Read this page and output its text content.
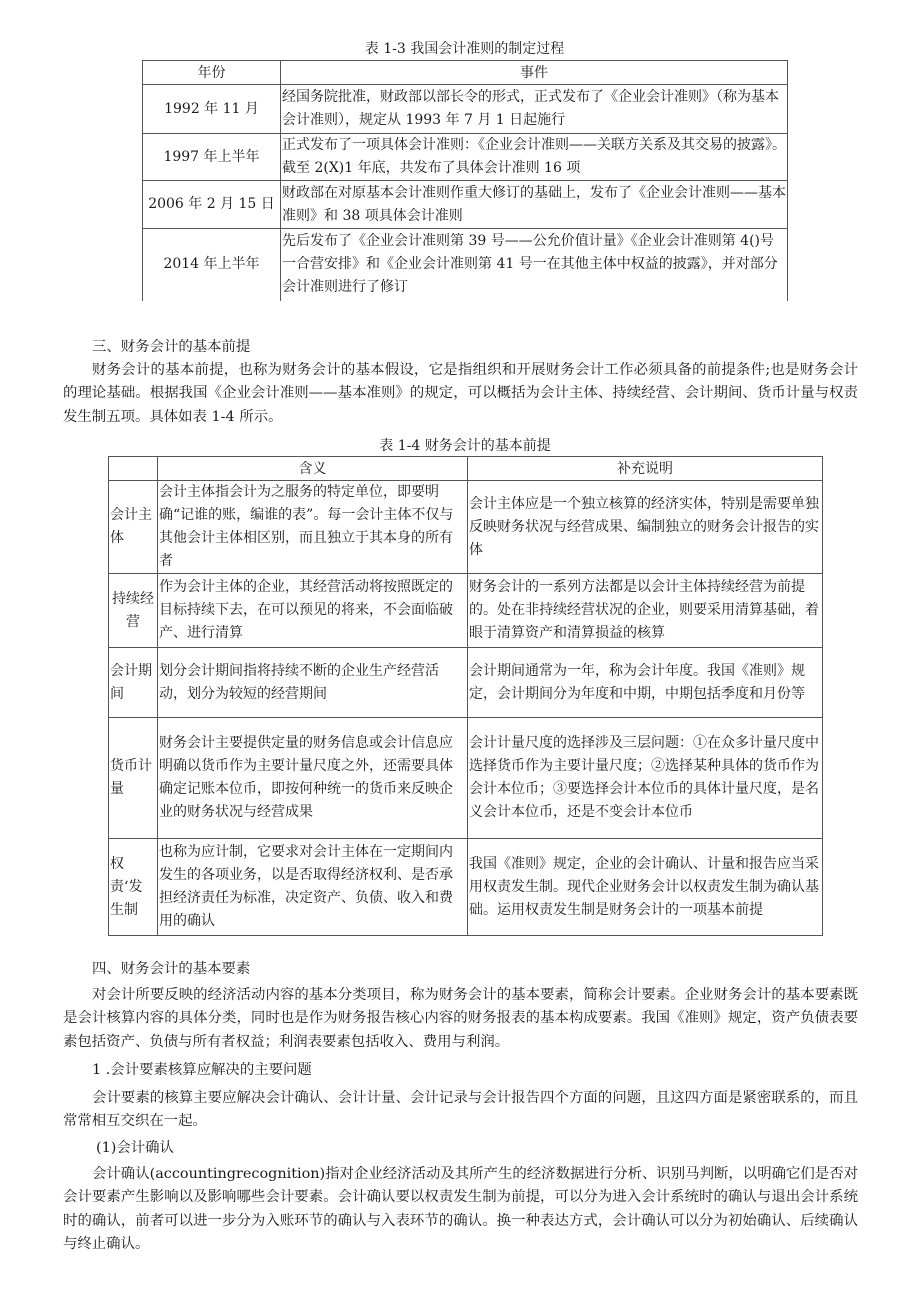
表 1-3 我国会计准则的制定过程
年份	事件
1992 年 11 月	经国务院批准，财政部以部长令的形式，正式发布了《企业会计准则》（称为基本会计准则），规定从 1993 年 7 月 1 日起施行
1997 年上半年	正式发布了一项具体会计准则：《企业会计准则——关联方关系及其交易的披露》。截至 2(X)1 年底，共发布了具体会计准则 16 项
2006 年 2 月 15 日	财政部在对原基本会计准则作重大修订的基础上，发布了《企业会计准则——基本准则》和 38 项具体会计准则
2014 年上半年	先后发布了《企业会计准则第 39 号——公允价值计量》《企业会计准则第 4()号一合营安排》和《企业会计准则第 41 号一在其他主体中权益的披露》，并对部分会计准则进行了修订
三、财务会计的基本前提
财务会计的基本前提，也称为财务会计的基本假设，它是指组织和开展财务会计工作必须具备的前提条件;也是财务会计的理论基础。根据我国《企业会计准则——基本准则》的规定，可以概括为会计主体、持续经营、会计期间、货币计量与权责发生制五项。具体如表 1-4 所示。
表 1-4 财务会计的基本前提
	含义	补充说明
会计主体	会计主体指会计为之服务的特定单位，即要明确“记谁的账，编谁的表”。每一会计主体不仅与其他会计主体相区别，而且独立于其本身的所有者	会计主体应是一个独立核算的经济实体，特别是需要单独反映财务状况与经营成果、编制独立的财务会计报告的实体
持续经营	作为会计主体的企业，其经营活动将按照既定的目标持续下去，在可以预见的将来，不会面临破产、进行清算	财务会计的一系列方法都是以会计主体持续经营为前提的。处在非持续经营状况的企业，则要采用清算基础，着眼于清算资产和清算损益的核算
会计期间	划分会计期间指将持续不断的企业生产经营活动，划分为较短的经营期间	会计期间通常为一年，称为会计年度。我国《准则》规定，会计期间分为年度和中期，中期包括季度和月份等
货币计量	财务会计主要提供定量的财务信息或会计信息应明确以货币作为主要计量尺度之外，还需要具体确定记账本位币，即按何种统一的货币来反映企业的财务状况与经营成果	会计计量尺度的选择涉及三层问题：①在众多计量尺度中选择货币作为主要计量尺度；②选择某种具体的货币作为会计本位币；③要选择会计本位币的具体计量尺度，是名义会计本位币，还是不变会计本位币
权责‘发生制	也称为应计制，它要求对会计主体在一定期间内发生的各项业务，以是否取得经济权利、是否承担经济责任为标准，决定资产、负债、收入和费用的确认	我国《准则》规定，企业的会计确认、计量和报告应当采用权责发生制。现代企业财务会计以权责发生制为确认基础。运用权责发生制是财务会计的一项基本前提
四、财务会计的基本要素
对会计所要反映的经济活动内容的基本分类项目，称为财务会计的基本要素，简称会计要素。企业财务会计的基本要素既是会计核算内容的具体分类，同时也是作为财务报告核心内容的财务报表的基本构成要素。我国《准则》规定，资产负债表要素包括资产、负债与所有者权益；利润表要素包括收入、费用与利润。
1 .会计要素核算应解决的主要问题
会计要素的核算主要应解决会计确认、会计计量、会计记录与会计报告四个方面的问题，且这四方面是紧密联系的，而且常常相互交织在一起。
(1)会计确认
会计确认(accountingrecognition)指对企业经济活动及其所产生的经济数据进行分析、识别马判断，以明确它们是否对会计要素产生影响以及影响哪些会计要素。会计确认要以权责发生制为前提，可以分为进入会计系统时的确认与退出会计系统时的确认，前者可以进一步分为入账环节的确认与入表环节的确认。换一种表达方式，会计确认可以分为初始确认、后续确认与终止确认。
